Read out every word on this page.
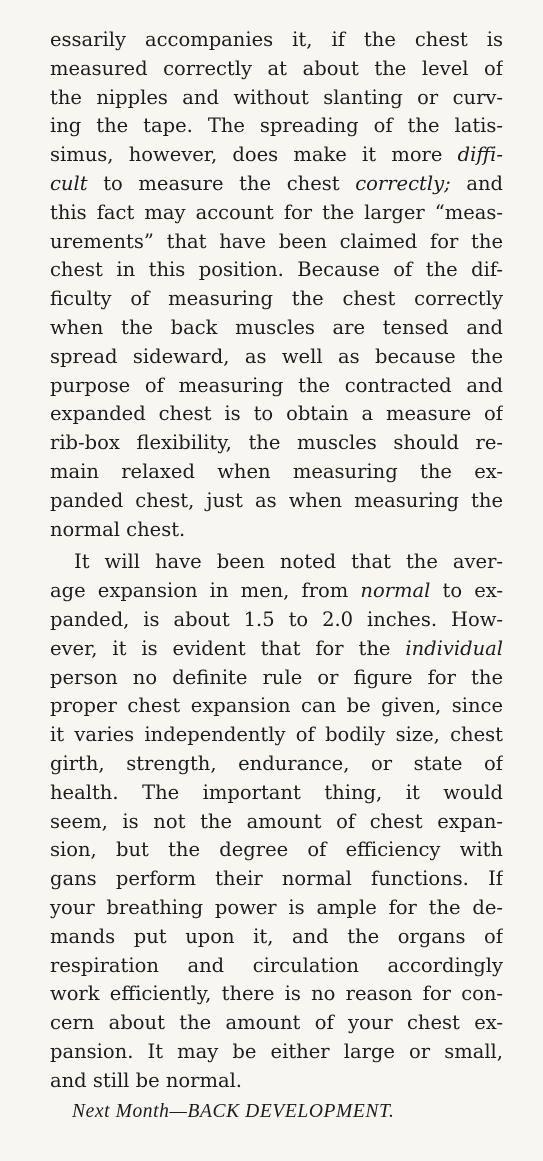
essarily accompanies it, if the chest is
measured correctly at about the level of
the nipples and without slanting or curv-
ing the tape. The spreading of the latis-
simus, however, does make it more diffi-
cult to measure the chest correctly; and
this fact may account for the larger “meas-
urements” that have been claimed for the
chest in this position. Because of the dif-
ficulty of measuring the chest correctly
when the back muscles are tensed and
spread sideward, as well as because the
purpose of measuring the contracted and
expanded chest is to obtain a measure of
rib-box flexibility, the muscles should re-
main relaxed when measuring the ex-
panded chest, just as when measuring the
normal chest.
It will have been noted that the aver-
age expansion in men, from normal to ex-
panded, is about 1.5 to 2.0 inches. How-
ever, it is evident that for the individual
person no definite rule or figure for the
proper chest expansion can be given, since
it varies independently of bodily size, chest
girth, strength, endurance, or state of
health. The important thing, it would
seem, is not the amount of chest expan-
sion, but the degree of efficiency with
gans perform their normal functions. If
your breathing power is ample for the de-
mands put upon it, and the organs of
respiration and circulation accordingly
work efficiently, there is no reason for con-
cern about the amount of your chest ex-
pansion. It may be either large or small,
and still be normal.
Next Month—BACK DEVELOPMENT.
